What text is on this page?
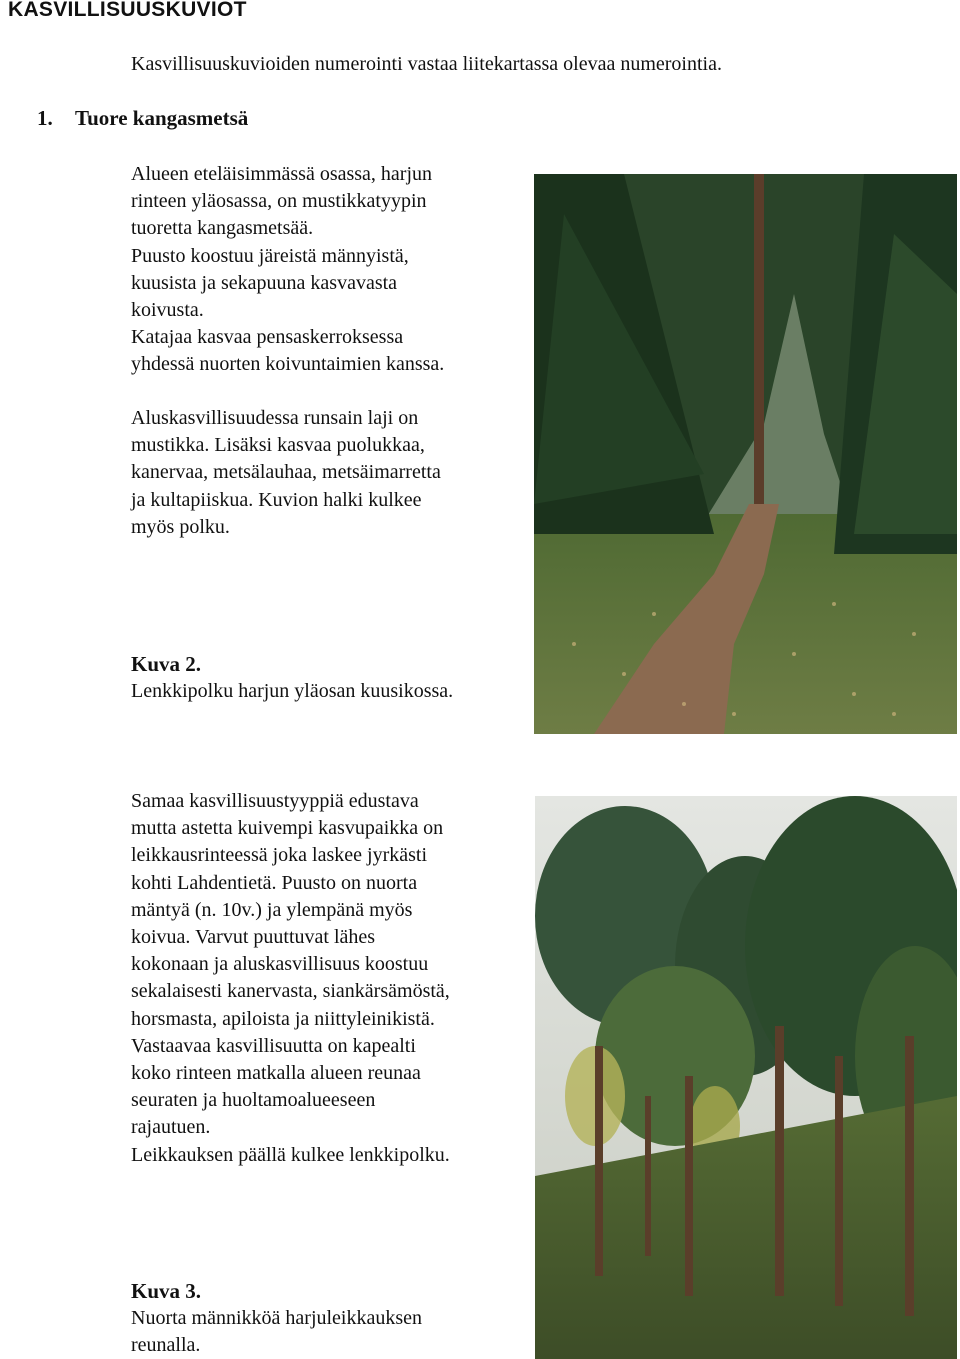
KASVILLISUUSKUVIOT
Kasvillisuuskuvioiden numerointi vastaa liitekartassa olevaa numerointia.
1. Tuore kangasmetsä
Alueen eteläisimmässä osassa, harjun
rinteen yläosassa, on mustikkatyypin
tuoretta kangasmetsää.
Puusto koostuu järeistä männyistä,
kuusista ja sekapuuna kasvavasta
koivusta.
Katajaa kasvaa pensaskerroksessa
yhdessä nuorten koivuntaimien kanssa.
Aluskasvillisuudessa runsain laji on
mustikka. Lisäksi kasvaa puolukkaa,
kanervaa, metsälauhaa, metsäimarretta
ja kultapiiskua. Kuvion halki kulkee
myös polku.
Kuva 2.
Lenkkipolku harjun yläosan kuusikossa.
Samaa kasvillisuustyyppiä edustava
mutta astetta kuivempi kasvupaikka on
leikkausrinteessä joka laskee jyrkästi
kohti Lahdentietä. Puusto on nuorta
mäntyä (n. 10v.) ja ylempänä myös
koivua. Varvut puuttuvat lähes
kokonaan ja aluskasvillisuus koostuu
sekalaisesti kanervasta, siankärsämöstä,
horsmasta, apiloista ja niittyleinikistä.
Vastaavaa kasvillisuutta on kapealti
koko rinteen matkalla alueen reunaa
seuraten ja huoltamoalueeseen
rajautuen.
Leikkauksen päällä kulkee lenkkipolku.
Kuva 3.
Nuorta männikköä harjuleikkauksen
reunalla.
